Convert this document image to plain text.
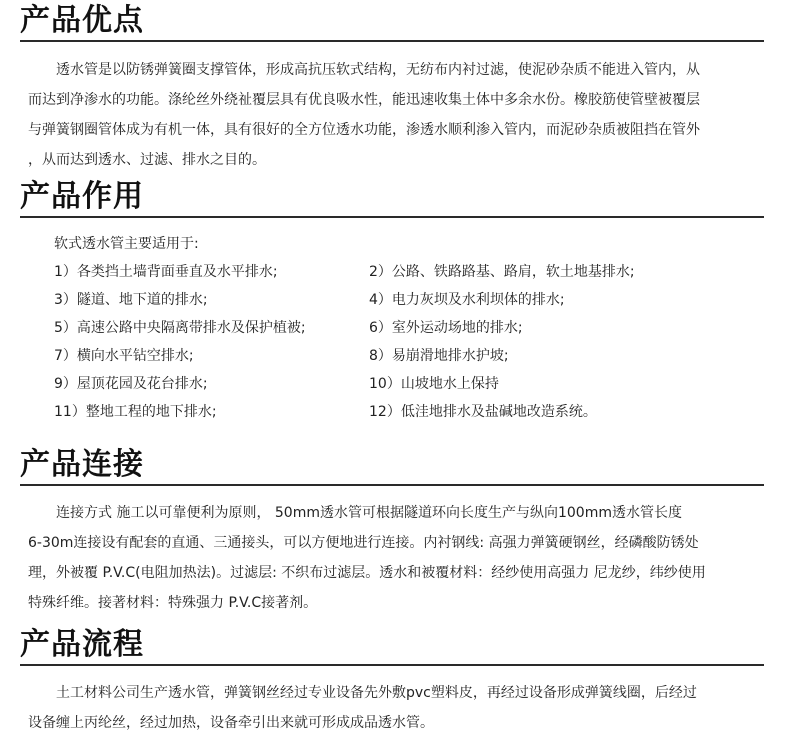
产品优点

　　透水管是以防锈弹簧圈支撑管体，形成高抗压软式结构，无纺布内衬过滤，使泥砂杂质不能进入管内，从

而达到净渗水的功能。涤纶丝外绕祉覆层具有优良吸水性，能迅速收集土体中多余水份。橡胶筋使管壁被覆层

与弹簧钢圈管体成为有机一体，具有很好的全方位透水功能，渗透水顺利渗入管内，而泥砂杂质被阻挡在管外

，从而达到透水、过滤、排水之目的。

产品作用
软式透水管主要适用于:
1）各类挡土墙背面垂直及水平排水;	2）公路、铁路路基、路肩，软土地基排水;
3）隧道、地下道的排水;	4）电力灰坝及水利坝体的排水;
5）高速公路中央隔离带排水及保护植被;	6）室外运动场地的排水;
7）横向水平钻空排水;	8）易崩滑地排水护坡;
9）屋顶花园及花台排水;	10）山坡地水上保持
11）整地工程的地下排水;	12）低洼地排水及盐碱地改造系统。
产品连接

　　连接方式 施工以可靠便利为原则， 50mm透水管可根据隧道环向长度生产与纵向100mm透水管长度

6-30m连接设有配套的直通、三通接头，可以方便地进行连接。内衬钢线: 高强力弹簧硬钢丝，经磷酸防锈处

理，外被覆 P.V.C(电阻加热法)。过滤层: 不织布过滤层。透水和被覆材料：经纱使用高强力 尼龙纱，纬纱使用

特殊纤维。接著材料：特殊强力 P.V.C接著剂。

产品流程

　　土工材料公司生产透水管，弹簧钢丝经过专业设备先外敷pvc塑料皮，再经过设备形成弹簧线圈，后经过

设备缠上丙纶丝，经过加热，设备牵引出来就可形成成品透水管。
